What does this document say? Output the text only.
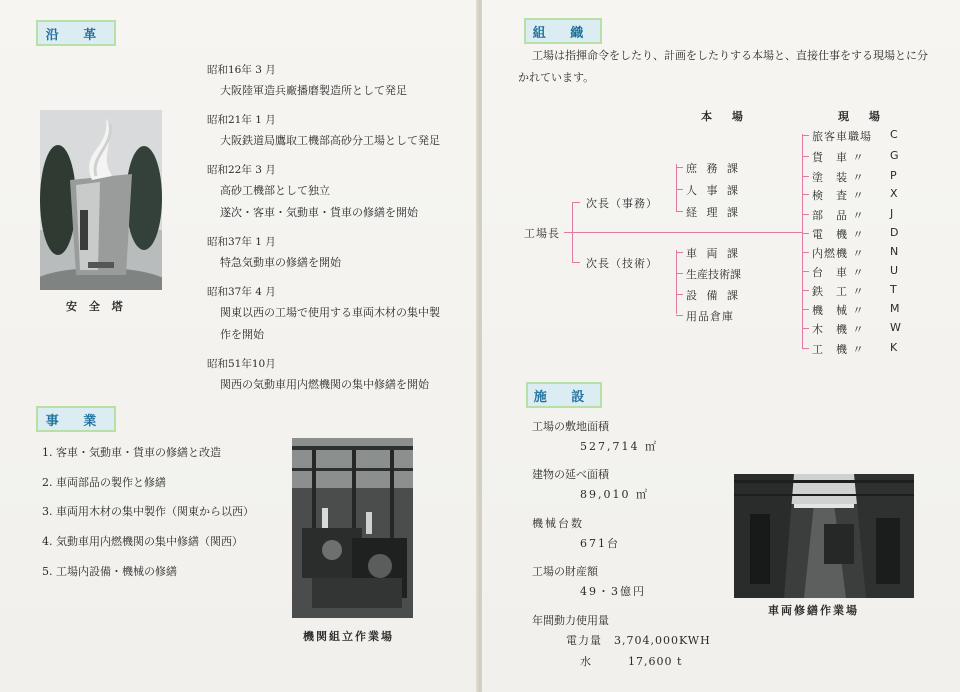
沿 革
昭和16年 3 月
大阪陸軍造兵廠播磨製造所として発足
昭和21年 1 月
大阪鉄道局鷹取工機部高砂分工場として発足
昭和22年 3 月
高砂工機部として独立
遂次・客車・気動車・貨車の修繕を開始
昭和37年 1 月
特急気動車の修繕を開始
昭和37年 4 月
関東以西の工場で使用する車両木材の集中製
作を開始
昭和51年10月
関西の気動車用内燃機関の集中修繕を開始
安 全 塔
事 業
1. 客車・気動車・貨車の修繕と改造
2. 車両部品の製作と修繕
3. 車両用木材の集中製作（関東から以西）
4. 気動車用内燃機関の集中修繕（関西）
5. 工場内設備・機械の修繕
機関組立作業場
組 織
工場は指揮命令をしたり、計画をしたりする本場と、直接仕事をする現場とに分
かれています。
本 場	現 場
工場長
次長（事務）
次長（技術）
庶 務 課
人 事 課
経 理 課
車 両 課
生産技術課
設 備 課
用品倉庫
旅客車職場 C
貨　車 〃 G
塗　装 〃 P
検　査 〃 X
部　品 〃 J
電　機 〃 D
内燃機 〃 N
台　車 〃 U
鉄　工 〃 T
機　械 〃 M
木　機 〃 W
工　機 〃 K
施 設
工場の敷地面積
527,714 ㎡
建物の延べ面積
89,010 ㎡
機械台数
671台
工場の財産額
49・3億円
年間動力使用量
電力量　3,704,000KWH
水　　　17,600 t
車両修繕作業場
